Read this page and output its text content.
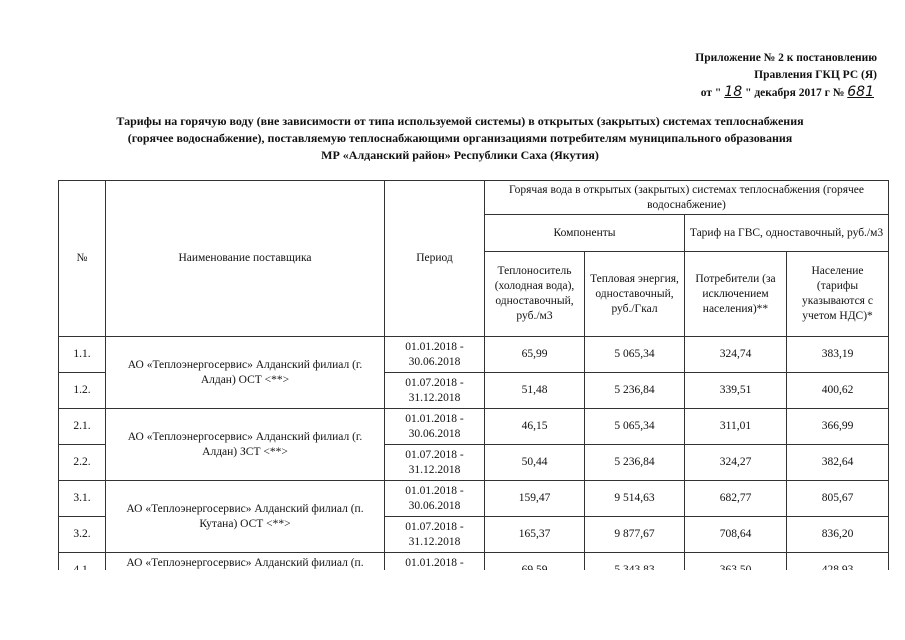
Приложение № 2 к постановлению
Правления ГКЦ РС (Я)
от " 18 " декабря 2017 г № 681
Тарифы на горячую воду (вне зависимости от типа используемой системы) в открытых (закрытых) системах теплоснабжения
(горячее водоснабжение), поставляемую теплоснабжающими организациями потребителям муниципального образования
МР «Алданский район» Республики Саха (Якутия)
№	Наименование поставщика	Период	Горячая вода в открытых (закрытых) системах теплоснабжения (горячее водоснабжение)			
			Компоненты		Тариф на ГВС, одноставочный, руб./м3	
			Теплоноситель (холодная вода), одноставочный, руб./м3	Тепловая энергия, одноставочный, руб./Гкал	Потребители (за исключением населения)**	Население (тарифы указываются с учетом НДС)*
1.1.	АО «Теплоэнергосервис» Алданский филиал (г. Алдан) ОСТ <**>	01.01.2018 - 30.06.2018	65,99	5 065,34	324,74	383,19
1.2.		01.07.2018 - 31.12.2018	51,48	5 236,84	339,51	400,62
2.1.	АО «Теплоэнергосервис» Алданский филиал (г. Алдан) ЗСТ <**>	01.01.2018 - 30.06.2018	46,15	5 065,34	311,01	366,99
2.2.		01.07.2018 - 31.12.2018	50,44	5 236,84	324,27	382,64
3.1.	АО «Теплоэнергосервис» Алданский филиал (п. Кутана) ОСТ <**>	01.01.2018 - 30.06.2018	159,47	9 514,63	682,77	805,67
3.2.		01.07.2018 - 31.12.2018	165,37	9 877,67	708,64	836,20
	АО «Теплоэнергосервис» Алданский филиал (п.	01.01.2018 -				
